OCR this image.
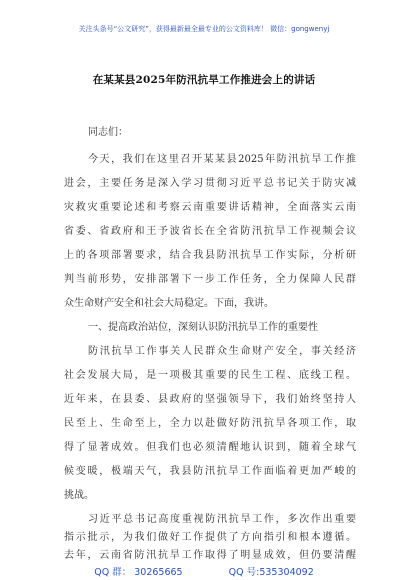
关注头条号“公文研究”，获得最新最全最专业的公文资料库！ 微信：gongwenyj
在某某县2025年防汛抗旱工作推进会上的讲话
同志们：
今天，我们在这里召开某某县2025年防汛抗旱工作推
进会，主要任务是深入学习贯彻习近平总书记关于防灾减
灾救灾重要论述和考察云南重要讲话精神，全面落实云南
省委、省政府和王予波省长在全省防汛抗旱工作视频会议
上的各项部署要求，结合我县防汛抗旱工作实际，分析研
判当前形势，安排部署下一步工作任务，全力保障人民群
众生命财产安全和社会大局稳定。下面，我讲。
一、提高政治站位，深刻认识防汛抗旱工作的重要性
防汛抗旱工作事关人民群众生命财产安全，事关经济
社会发展大局，是一项极其重要的民生工程、底线工程。
近年来，在县委、县政府的坚强领导下，我们始终坚持人
民至上、生命至上，全力以赴做好防汛抗旱各项工作，取
得了显著成效。但我们也必须清醒地认识到，随着全球气
候变暖，极端天气，我县防汛抗旱工作面临着更加严峻的
挑战。
习近平总书记高度重视防汛抗旱工作，多次作出重要
指示批示，为我们做好工作提供了方向指引和根本遵循。
去年，云南省防汛抗旱工作取得了明显成效，但仍要清醒
QQ 群： 30265665	QQ 号:535304092
